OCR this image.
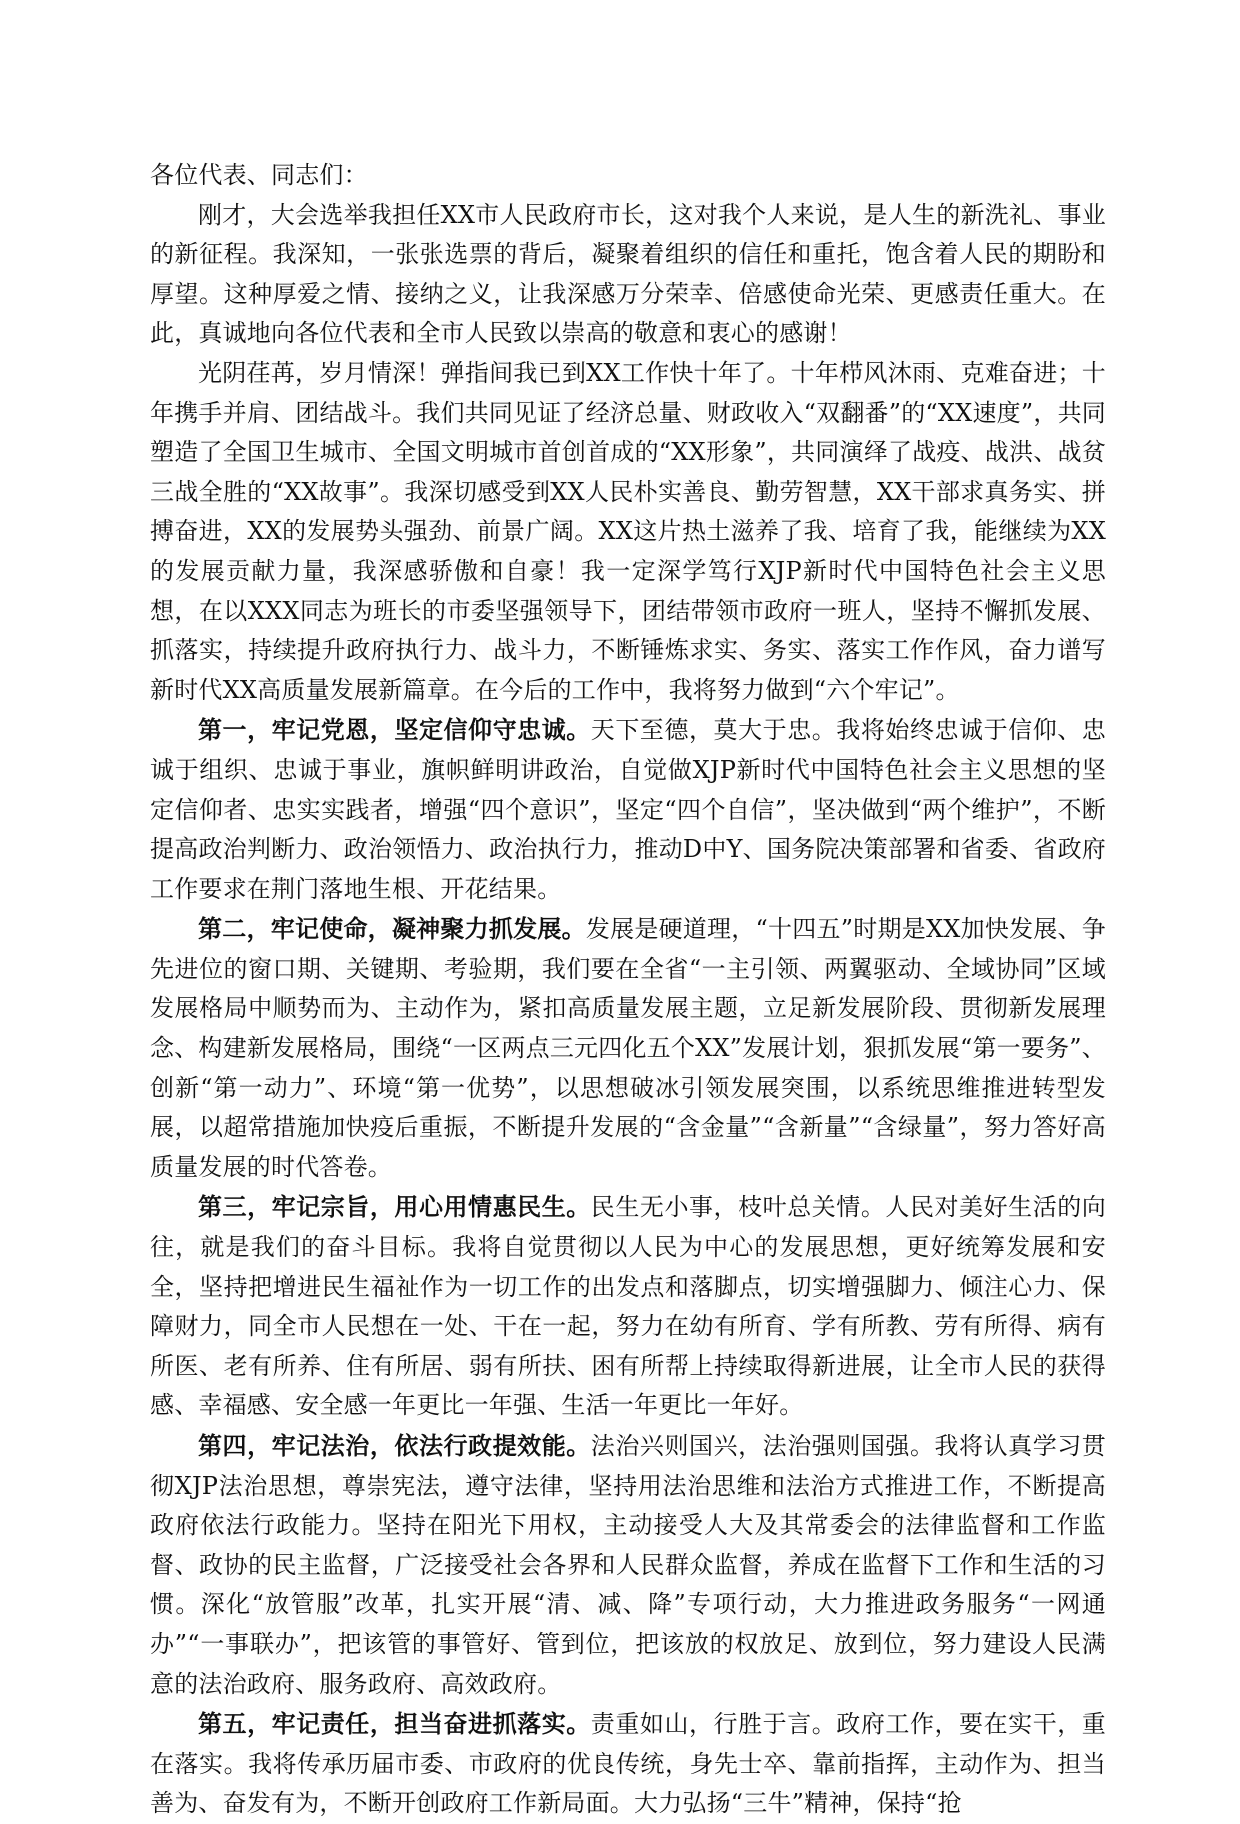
各位代表、同志们：

刚才，大会选举我担任XX市人民政府市长，这对我个人来说，是人生的新洗礼、事业的新征程。我深知，一张张选票的背后，凝聚着组织的信任和重托，饱含着人民的期盼和厚望。这种厚爱之情、接纳之义，让我深感万分荣幸、倍感使命光荣、更感责任重大。在此，真诚地向各位代表和全市人民致以崇高的敬意和衷心的感谢！

光阴荏苒，岁月情深！弹指间我已到XX工作快十年了。十年栉风沐雨、克难奋进；十年携手并肩、团结战斗。我们共同见证了经济总量、财政收入“双翻番”的“XX速度”，共同塑造了全国卫生城市、全国文明城市首创首成的“XX形象”，共同演绎了战疫、战洪、战贫三战全胜的“XX故事”。我深切感受到XX人民朴实善良、勤劳智慧，XX干部求真务实、拼搏奋进，XX的发展势头强劲、前景广阔。XX这片热土滋养了我、培育了我，能继续为XX的发展贡献力量，我深感骄傲和自豪！我一定深学笃行XJP新时代中国特色社会主义思想，在以XXX同志为班长的市委坚强领导下，团结带领市政府一班人，坚持不懈抓发展、抓落实，持续提升政府执行力、战斗力，不断锤炼求实、务实、落实工作作风，奋力谱写新时代XX高质量发展新篇章。在今后的工作中，我将努力做到“六个牢记”。

第一，牢记党恩，坚定信仰守忠诚。天下至德，莫大于忠。我将始终忠诚于信仰、忠诚于组织、忠诚于事业，旗帜鲜明讲政治，自觉做XJP新时代中国特色社会主义思想的坚定信仰者、忠实实践者，增强“四个意识”，坚定“四个自信”，坚决做到“两个维护”，不断提高政治判断力、政治领悟力、政治执行力，推动D中Y、国务院决策部署和省委、省政府工作要求在荆门落地生根、开花结果。

第二，牢记使命，凝神聚力抓发展。发展是硬道理，“十四五”时期是XX加快发展、争先进位的窗口期、关键期、考验期，我们要在全省“一主引领、两翼驱动、全域协同”区域发展格局中顺势而为、主动作为，紧扣高质量发展主题，立足新发展阶段、贯彻新发展理念、构建新发展格局，围绕“一区两点三元四化五个XX”发展计划，狠抓发展“第一要务”、创新“第一动力”、环境“第一优势”，以思想破冰引领发展突围，以系统思维推进转型发展，以超常措施加快疫后重振，不断提升发展的“含金量”“含新量”“含绿量”，努力答好高质量发展的时代答卷。

第三，牢记宗旨，用心用情惠民生。民生无小事，枝叶总关情。人民对美好生活的向往，就是我们的奋斗目标。我将自觉贯彻以人民为中心的发展思想，更好统筹发展和安全，坚持把增进民生福祉作为一切工作的出发点和落脚点，切实增强脚力、倾注心力、保障财力，同全市人民想在一处、干在一起，努力在幼有所育、学有所教、劳有所得、病有所医、老有所养、住有所居、弱有所扶、困有所帮上持续取得新进展，让全市人民的获得感、幸福感、安全感一年更比一年强、生活一年更比一年好。

第四，牢记法治，依法行政提效能。法治兴则国兴，法治强则国强。我将认真学习贯彻XJP法治思想，尊崇宪法，遵守法律，坚持用法治思维和法治方式推进工作，不断提高政府依法行政能力。坚持在阳光下用权，主动接受人大及其常委会的法律监督和工作监督、政协的民主监督，广泛接受社会各界和人民群众监督，养成在监督下工作和生活的习惯。深化“放管服”改革，扎实开展“清、减、降”专项行动，大力推进政务服务“一网通办”“一事联办”，把该管的事管好、管到位，把该放的权放足、放到位，努力建设人民满意的法治政府、服务政府、高效政府。

第五，牢记责任，担当奋进抓落实。责重如山，行胜于言。政府工作，要在实干，重在落实。我将传承历届市委、市政府的优良传统，身先士卒、靠前指挥，主动作为、担当善为、奋发有为，不断开创政府工作新局面。大力弘扬“三牛”精神，保持“抢
